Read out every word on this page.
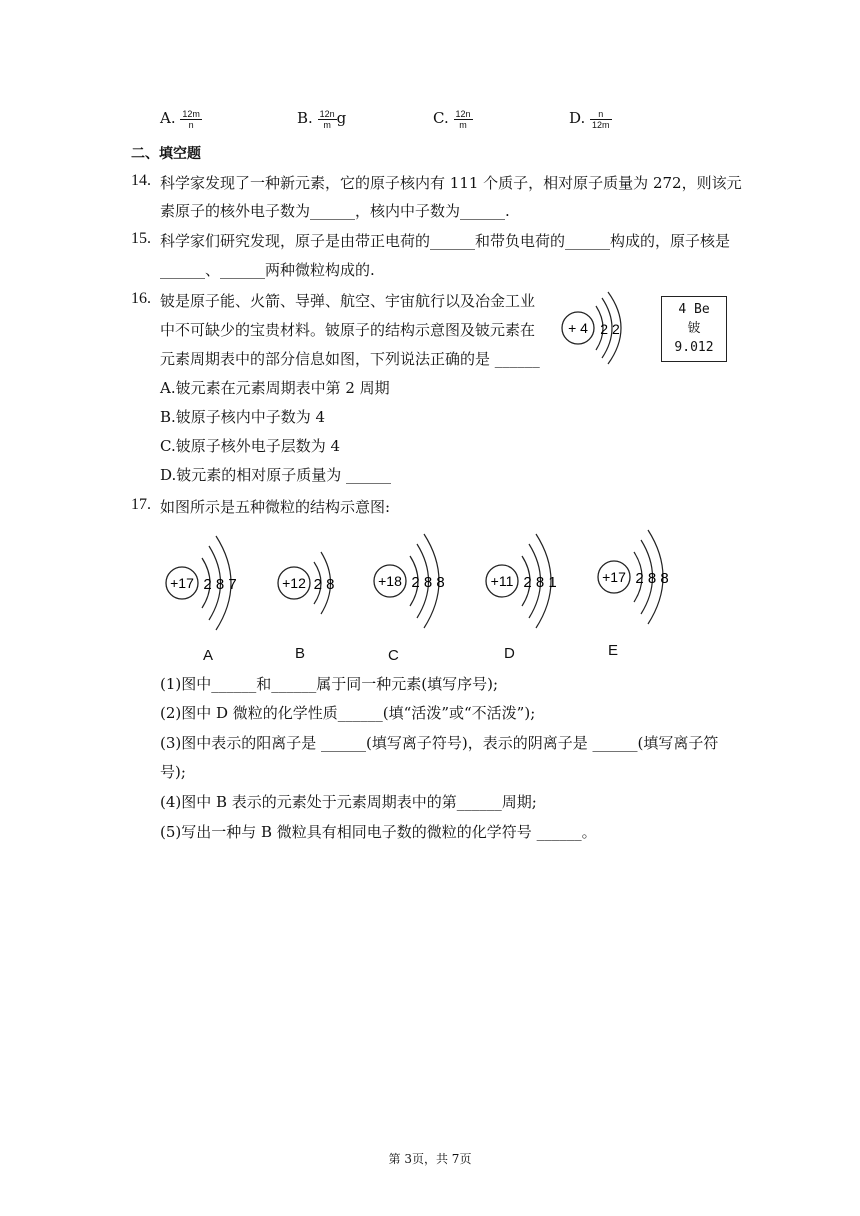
A. $\frac{12m}{n}$	B. $\frac{12n}{m}$ g	C. $\frac{12n}{m}$	D. $\frac{n}{12m}$
二、填空题
14. 科学家发现了一种新元素，它的原子核内有 111 个质子，相对原子质量为 272，则该元
素原子的核外电子数为______，核内中子数为______.
15. 科学家们研究发现，原子是由带正电荷的______和带负电荷的______构成的，原子核是
______、______两种微粒构成的.
16. 铍是原子能、火箭、导弹、航空、宇宙航行以及冶金工业
中不可缺少的宝贵材料。铍原子的结构示意图及铍元素在
元素周期表中的部分信息如图，下列说法正确的是 ______
A.铍元素在元素周期表中第 2 周期
B.铍原子核内中子数为 4
C.铍原子核外电子层数为 4
D.铍元素的相对原子质量为 ______
+ 4 2 2
4 Be
铍
9.012
17. 如图所示是五种微粒的结构示意图:
+17 2 8 7
A
+12 2 8
B
+18 2 8 8
C
+11 2 8 1
D
+17 2 8 8
E
(1)图中______和______属于同一种元素(填写序号);
(2)图中 D 微粒的化学性质______(填“活泼”或“不活泼”);
(3)图中表示的阳离子是 ______(填写离子符号)，表示的阴离子是 ______(填写离子符
号);
(4)图中 B 表示的元素处于元素周期表中的第______周期;
(5)写出一种与 B 微粒具有相同电子数的微粒的化学符号 ______。
第 3页，共 7页
